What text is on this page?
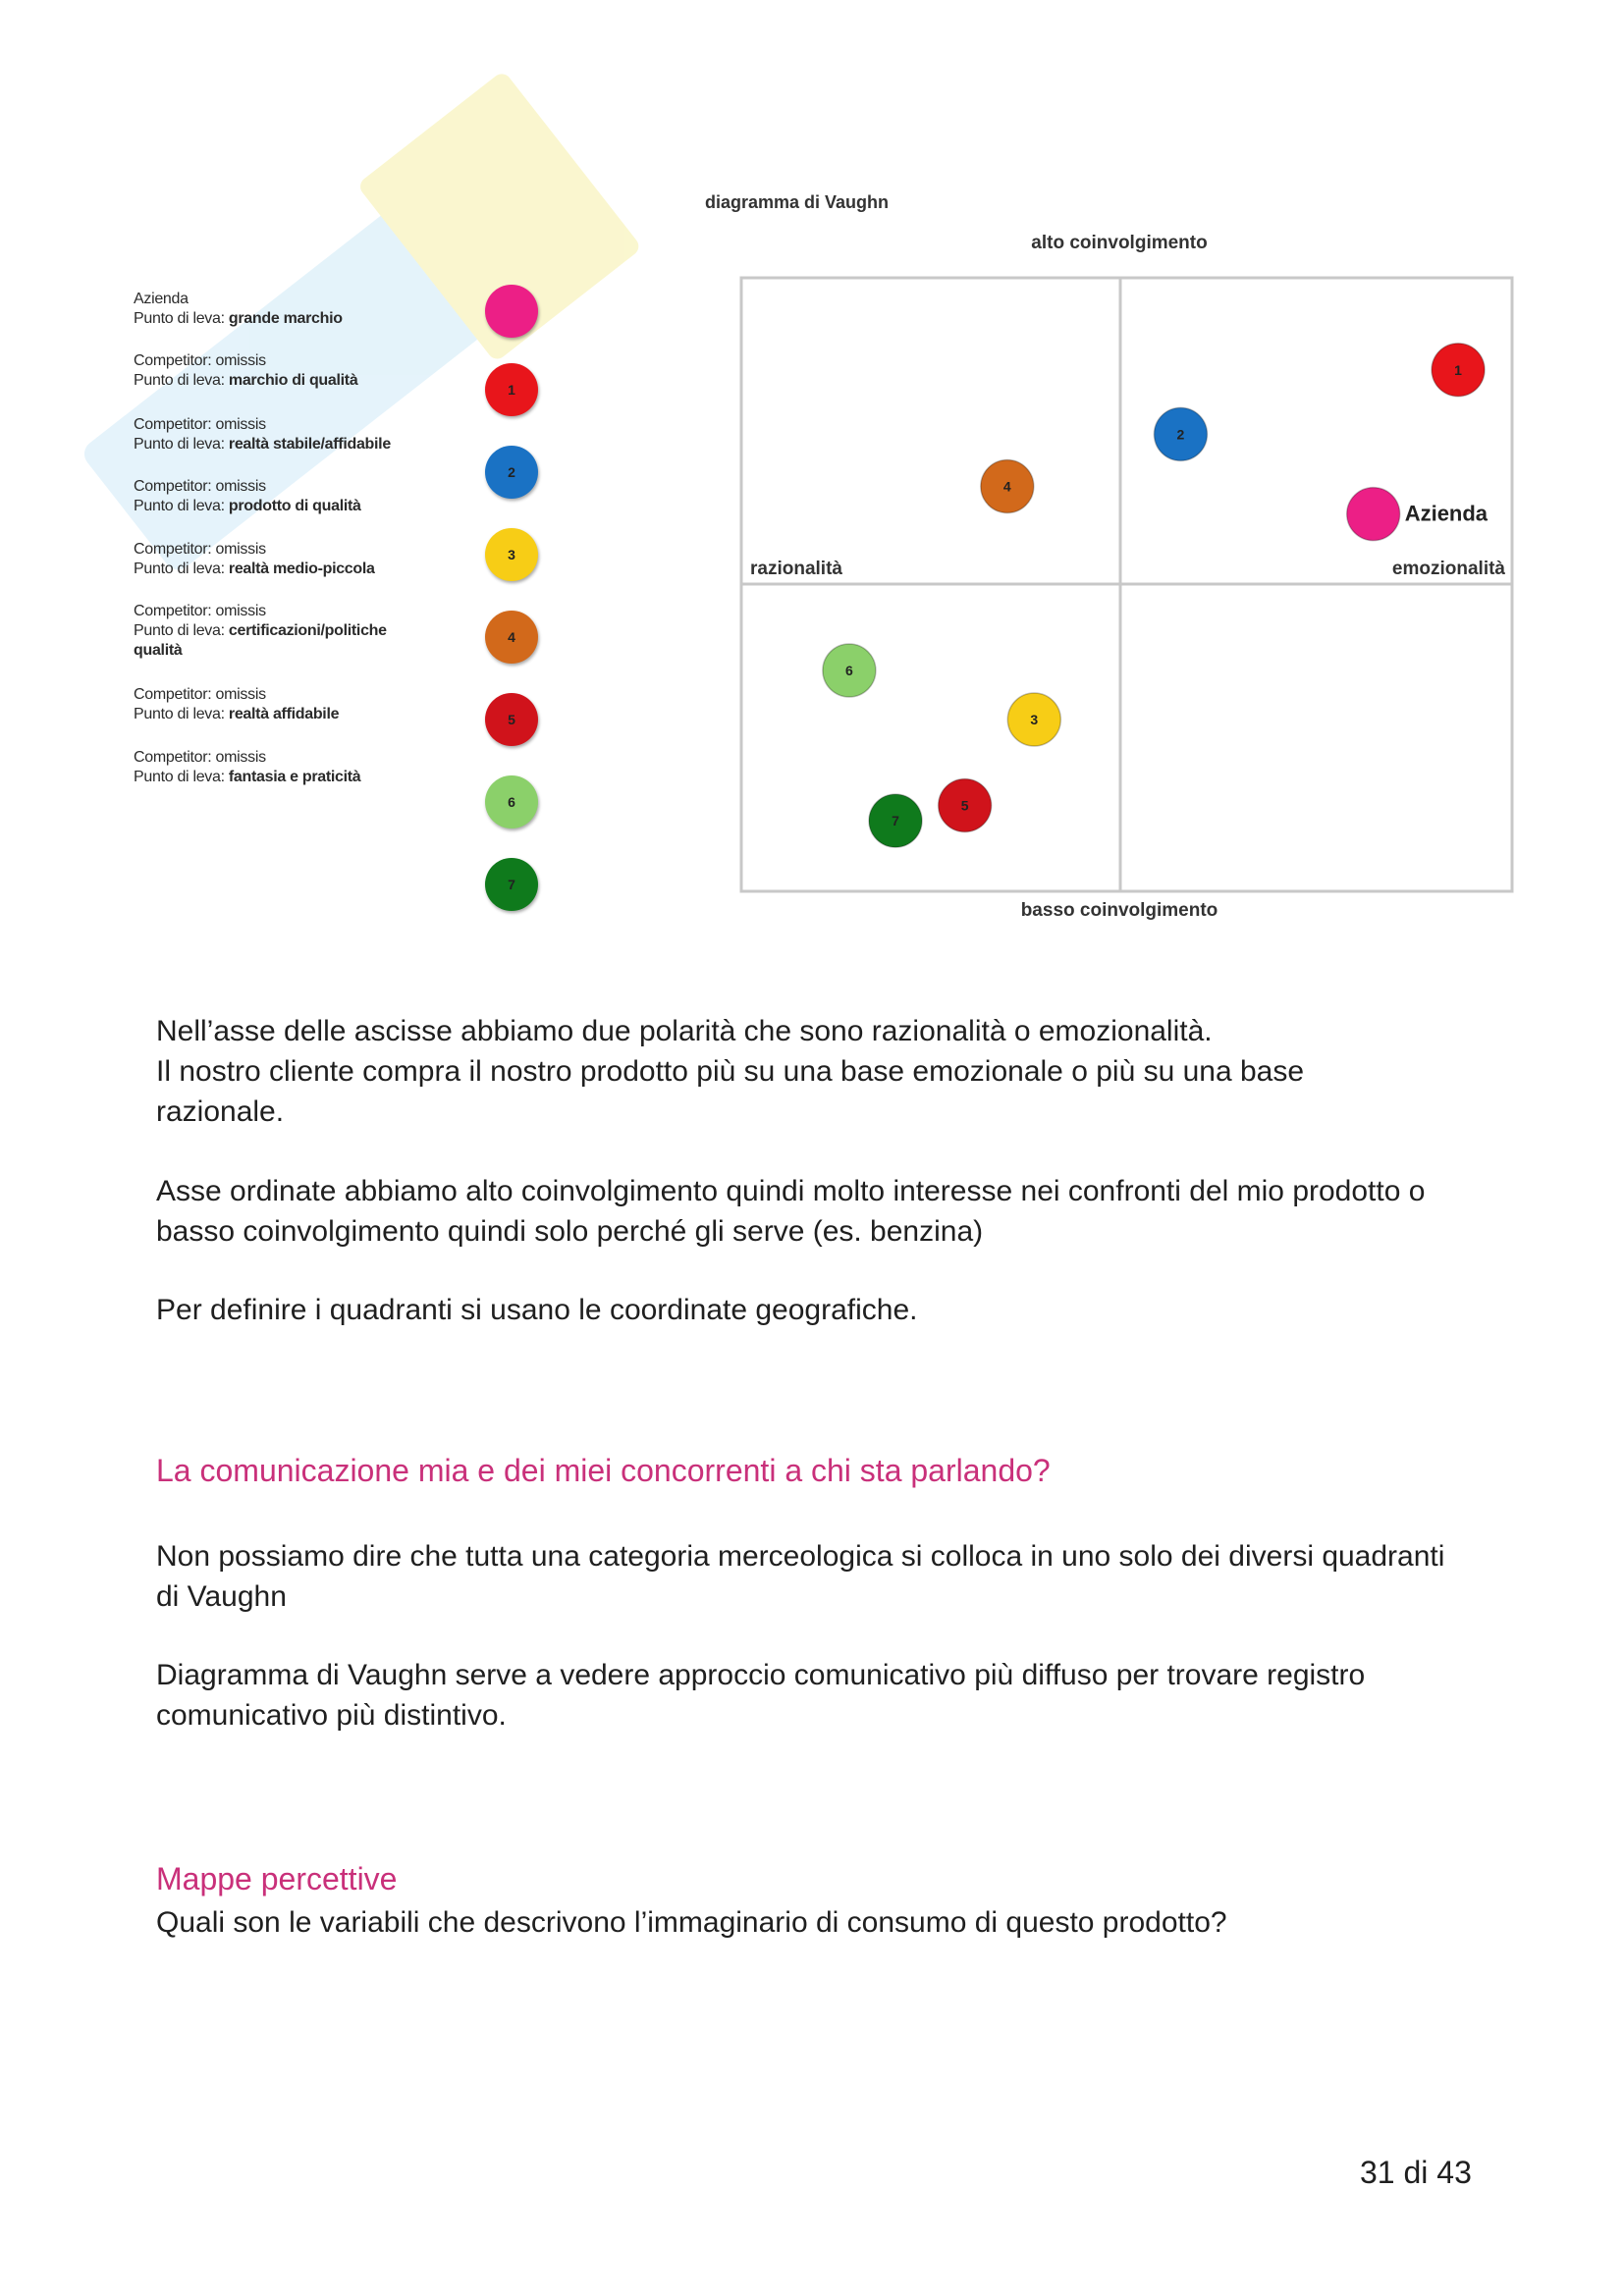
Azienda
Punto di leva: grande marchio
Competitor: omissis
Punto di leva: marchio di qualità
1
Competitor: omissis
Punto di leva: realtà stabile/affidabile
2
Competitor: omissis
Punto di leva: prodotto di qualità
3
Competitor: omissis
Punto di leva: realtà medio-piccola
4
Competitor: omissis
Punto di leva: certificazioni/politiche
qualità
5
Competitor: omissis
Punto di leva: realtà affidabile
6
Competitor: omissis
Punto di leva: fantasia e praticità
7
diagramma di Vaughn
alto coinvolgimento
basso coinvolgimento
razionalità	emozionalità
Azienda
1
2
3
4
5
6
7

Nell’asse delle ascisse abbiamo due polarità che sono razionalità o emozionalità.

Il nostro cliente compra il nostro prodotto più su una base emozionale o più su una base razionale.

Asse ordinate abbiamo alto coinvolgimento quindi molto interesse nei confronti del mio prodotto o basso coinvolgimento quindi solo perché gli serve (es. benzina)

Per definire i quadranti si usano le coordinate geografiche.

La comunicazione mia e dei miei concorrenti a chi sta parlando?

Non possiamo dire che tutta una categoria merceologica si colloca in uno solo dei diversi quadranti di Vaughn

Diagramma di Vaughn serve a vedere approccio comunicativo più diffuso per trovare registro comunicativo più distintivo.

Mappe percettive

Quali son le variabili che descrivono l’immaginario di consumo di questo prodotto?

31 di 43
